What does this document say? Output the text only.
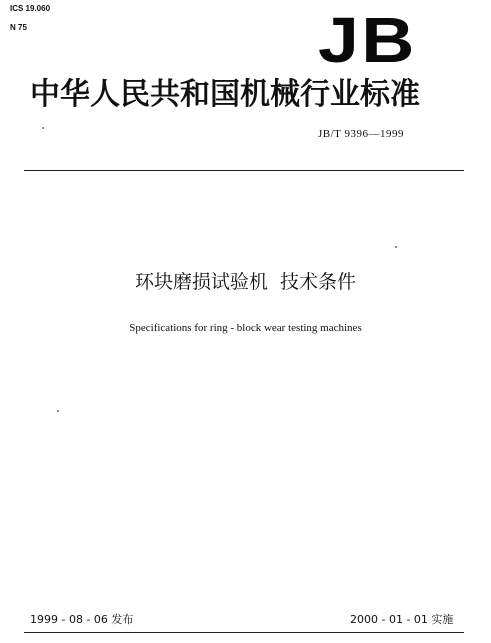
ICS 19.060
N 75	JB
中华人民共和国机械行业标准
JB/T 9396—1999
环块磨损试验机  技术条件
Specifications for ring - block wear testing machines
1999 - 08 - 06 发布	2000 - 01 - 01 实施
